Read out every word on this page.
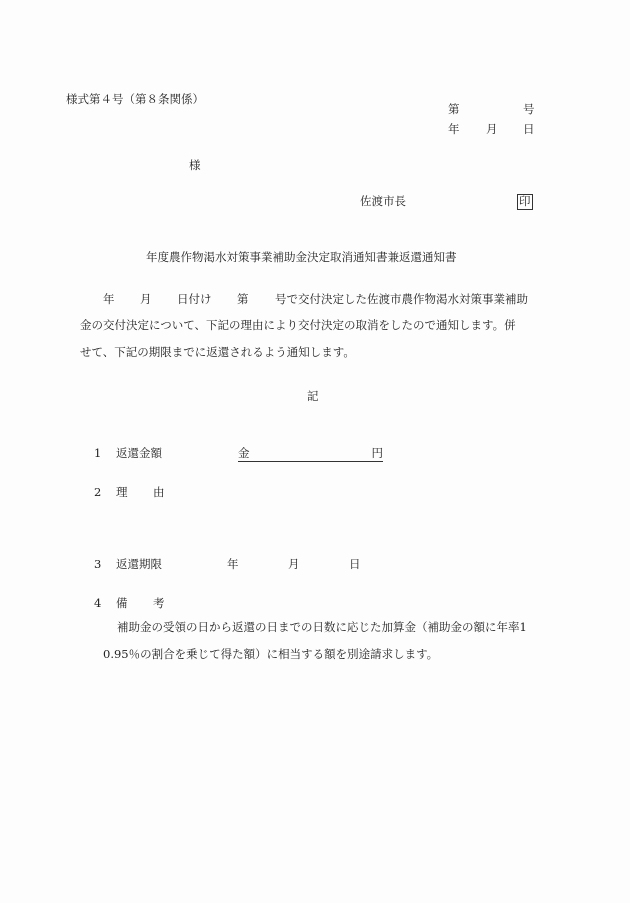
様式第４号（第８条関係）
第	号
年 月 日
様
佐渡市長	印
年度農作物渇水対策事業補助金決定取消通知書兼返還通知書
年 月 日付け 第 号で交付決定した佐渡市農作物渇水対策事業補助
金の交付決定について、下記の理由により交付決定の取消をしたので通知します。併
せて、下記の期限までに返還されるよう通知します。
記
1 返還金額	金	円
2 理 由
3 返還期限	年	月	日
4 備 考
補助金の受領の日から返還の日までの日数に応じた加算金（補助金の額に年率1
0.95％の割合を乗じて得た額）に相当する額を別途請求します。
